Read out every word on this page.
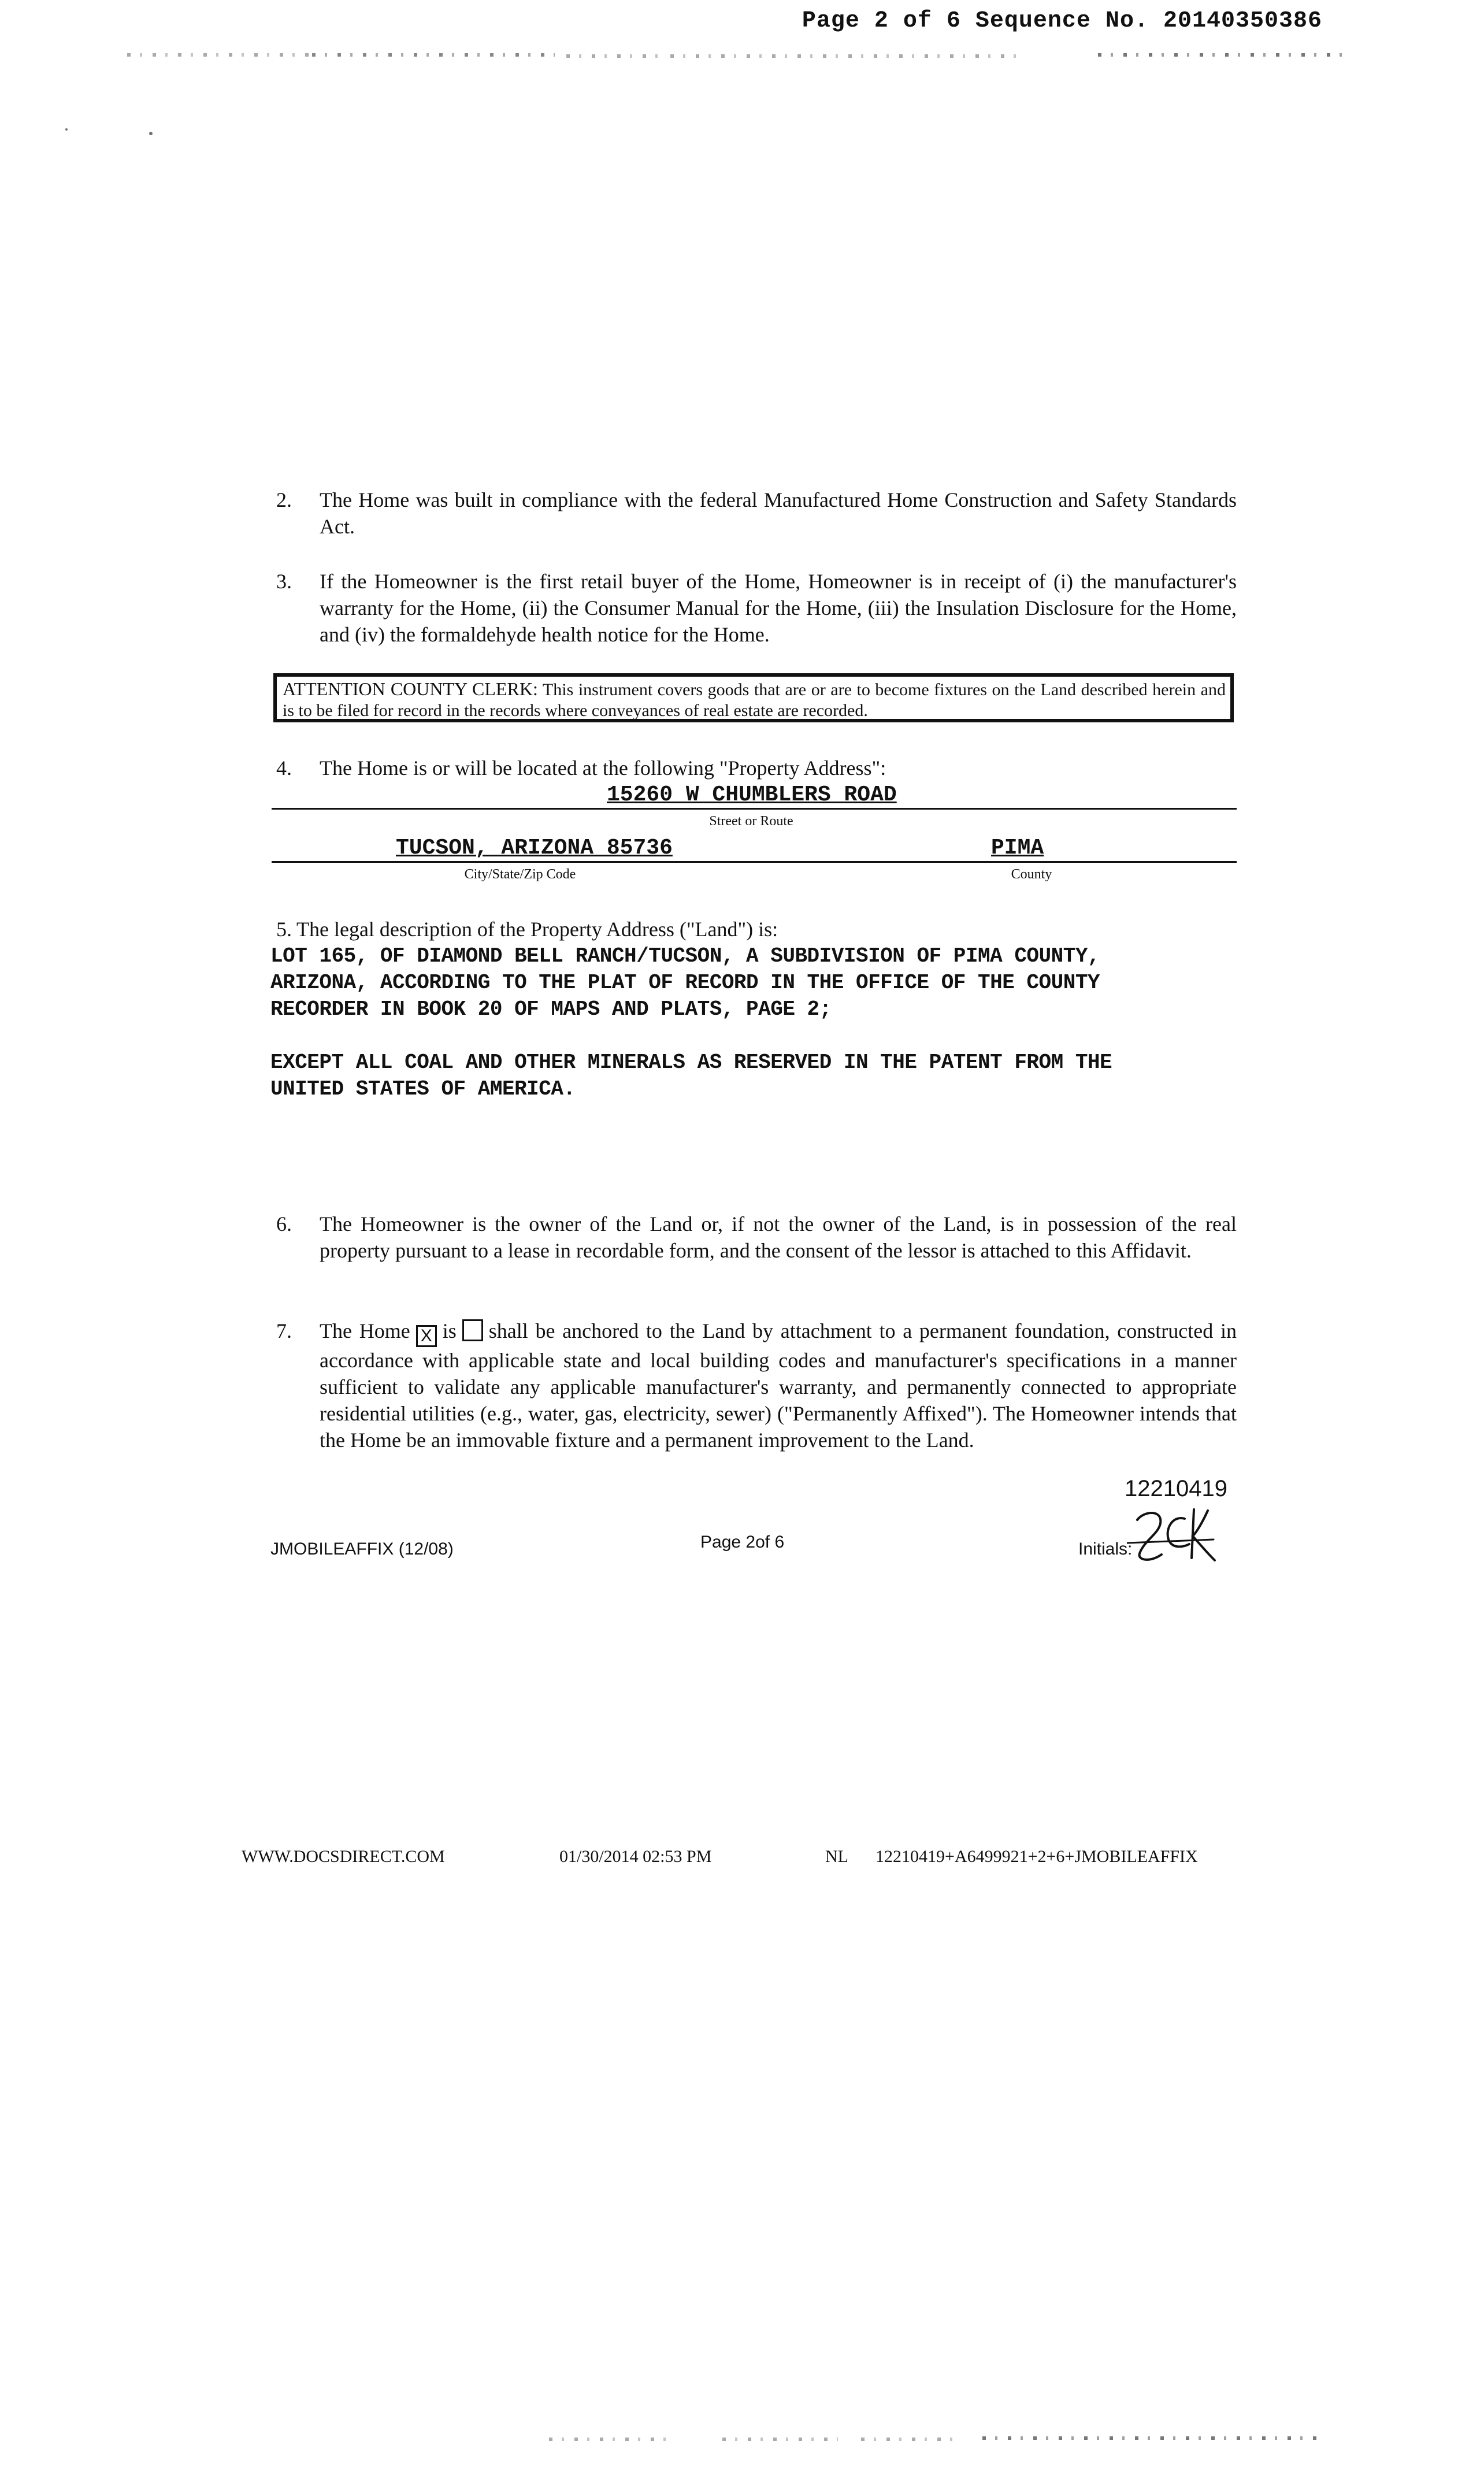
Page 2 of 6 Sequence No. 20140350386
2.	The Home was built in compliance with the federal Manufactured Home Construction and Safety Standards Act.
3.	If the Homeowner is the first retail buyer of the Home, Homeowner is in receipt of (i) the manufacturer's warranty for the Home, (ii) the Consumer Manual for the Home, (iii) the Insulation Disclosure for the Home, and (iv) the formaldehyde health notice for the Home.
ATTENTION COUNTY CLERK: This instrument covers goods that are or are to become fixtures on the Land described herein and is to be filed for record in the records where conveyances of real estate are recorded.
4.	The Home is or will be located at the following "Property Address":
15260 W CHUMBLERS ROAD
Street or Route
TUCSON, ARIZONA 85736	PIMA
City/State/Zip Code	County
5. The legal description of the Property Address ("Land") is:
LOT 165, OF DIAMOND BELL RANCH/TUCSON, A SUBDIVISION OF PIMA COUNTY,
ARIZONA, ACCORDING TO THE PLAT OF RECORD IN THE OFFICE OF THE COUNTY
RECORDER IN BOOK 20 OF MAPS AND PLATS, PAGE 2;
EXCEPT ALL COAL AND OTHER MINERALS AS RESERVED IN THE PATENT FROM THE
UNITED STATES OF AMERICA.
6.	The Homeowner is the owner of the Land or, if not the owner of the Land, is in possession of the real property pursuant to a lease in recordable form, and the consent of the lessor is attached to this Affidavit.
7.	The Home X is shall be anchored to the Land by attachment to a permanent foundation, constructed in accordance with applicable state and local building codes and manufacturer's specifications in a manner sufficient to validate any applicable manufacturer's warranty, and permanently connected to appropriate residential utilities (e.g., water, gas, electricity, sewer) ("Permanently Affixed"). The Homeowner intends that the Home be an immovable fixture and a permanent improvement to the Land.
12210419
JMOBILEAFFIX (12/08)	Page 2of 6	Initials:
WWW.DOCSDIRECT.COM	01/30/2014 02:53 PM	NL 12210419+A6499921+2+6+JMOBILEAFFIX
